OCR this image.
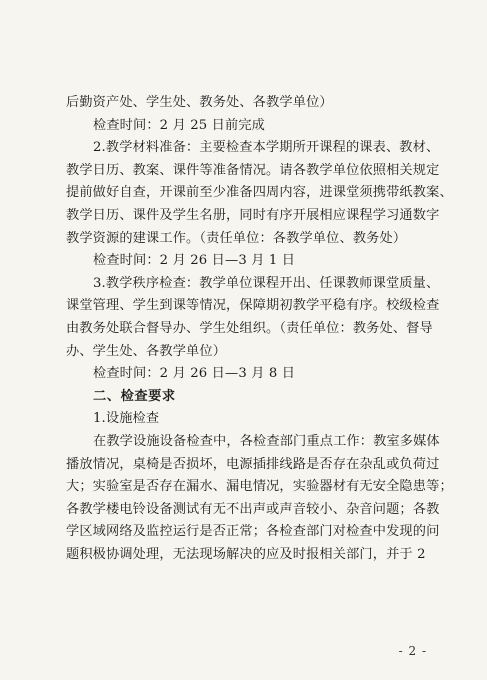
后勤资产处、学生处、教务处、各教学单位）
检查时间：2 月 25 日前完成
2.教学材料准备：主要检查本学期所开课程的课表、教材、
教学日历、教案、课件等准备情况。请各教学单位依照相关规定
提前做好自查，开课前至少准备四周内容，进课堂须携带纸教案、
教学日历、课件及学生名册，同时有序开展相应课程学习通数字
教学资源的建课工作。（责任单位：各教学单位、教务处）
检查时间：2 月 26 日—3 月 1 日
3.教学秩序检查：教学单位课程开出、任课教师课堂质量、
课堂管理、学生到课等情况，保障期初教学平稳有序。校级检查
由教务处联合督导办、学生处组织。（责任单位：教务处、督导
办、学生处、各教学单位）
检查时间：2 月 26 日—3 月 8 日
二、检查要求
1.设施检查
在教学设施设备检查中，各检查部门重点工作：教室多媒体
播放情况，桌椅是否损坏，电源插排线路是否存在杂乱或负荷过
大；实验室是否存在漏水、漏电情况，实验器材有无安全隐患等；
各教学楼电铃设备测试有无不出声或声音较小、杂音问题；各教
学区域网络及监控运行是否正常；各检查部门对检查中发现的问
题积极协调处理，无法现场解决的应及时报相关部门，并于 2
- 2 -
